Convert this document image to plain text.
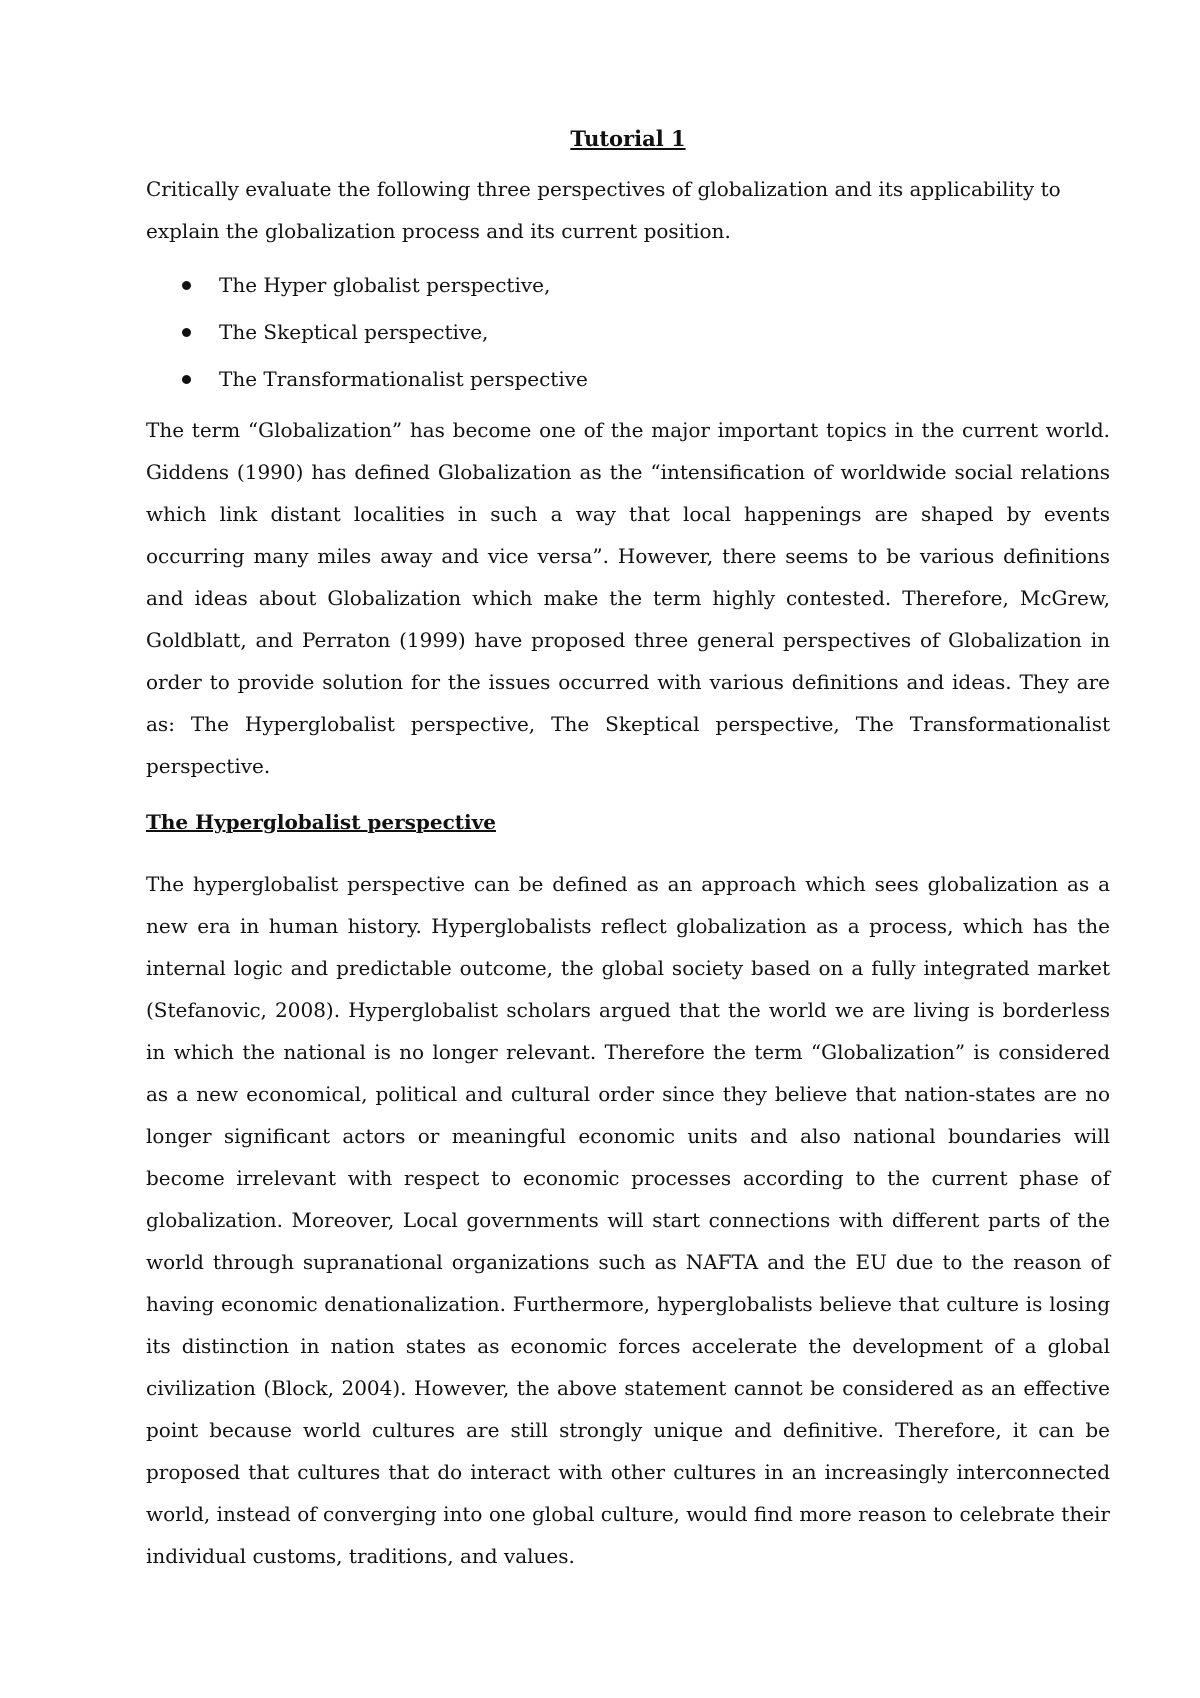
Tutorial 1

Critically evaluate the following three perspectives of globalization and its applicability to explain the globalization process and its current position.

The Hyper globalist perspective,
The Skeptical perspective,
The Transformationalist perspective

The term “Globalization” has become one of the major important topics in the current world. Giddens (1990) has defined Globalization as the “intensification of worldwide social relations which link distant localities in such a way that local happenings are shaped by events occurring many miles away and vice versa”. However, there seems to be various definitions and ideas about Globalization which make the term highly contested. Therefore, McGrew, Goldblatt, and Perraton (1999) have proposed three general perspectives of Globalization in order to provide solution for the issues occurred with various definitions and ideas. They are as: The Hyperglobalist perspective, The Skeptical perspective, The Transformationalist perspective.

The Hyperglobalist perspective

The hyperglobalist perspective can be defined as an approach which sees globalization as a new era in human history. Hyperglobalists reflect globalization as a process, which has the internal logic and predictable outcome, the global society based on a fully integrated market (Stefanovic, 2008). Hyperglobalist scholars argued that the world we are living is borderless in which the national is no longer relevant. Therefore the term “Globalization” is considered as a new economical, political and cultural order since they believe that nation-states are no longer significant actors or meaningful economic units and also national boundaries will become irrelevant with respect to economic processes according to the current phase of globalization. Moreover, Local governments will start connections with different parts of the world through supranational organizations such as NAFTA and the EU due to the reason of having economic denationalization. Furthermore, hyperglobalists believe that culture is losing its distinction in nation states as economic forces accelerate the development of a global civilization (Block, 2004). However, the above statement cannot be considered as an effective point because world cultures are still strongly unique and definitive. Therefore, it can be proposed that cultures that do interact with other cultures in an increasingly interconnected world, instead of converging into one global culture, would find more reason to celebrate their individual customs, traditions, and values.
